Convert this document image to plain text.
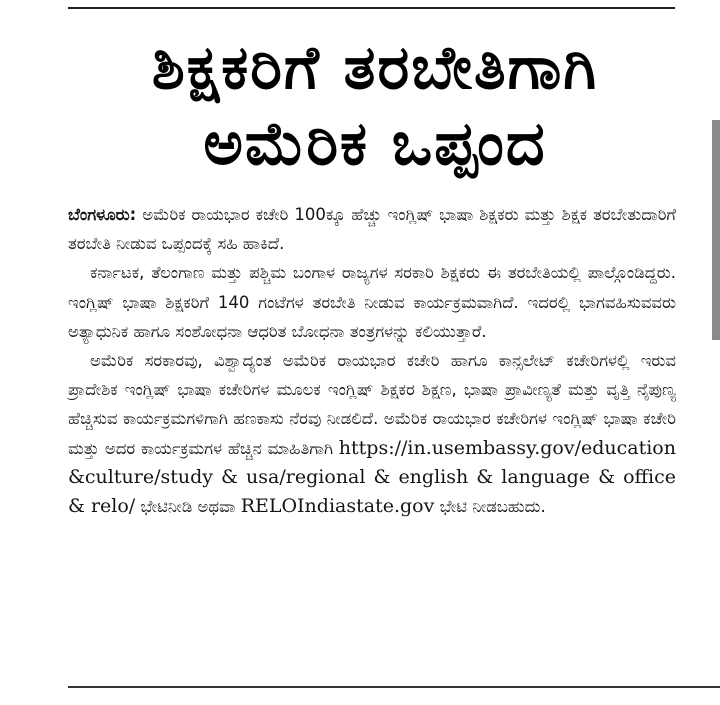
ಶಿಕ್ಷಕರಿಗೆ ತರಬೇತಿಗಾಗಿ
ಅಮೆರಿಕ ಒಪ್ಪಂದ

ಬೆಂಗಳೂರು: ಅಮೆರಿಕ ರಾಯಭಾರ ಕಚೇರಿ 100ಕ್ಕೂ ಹೆಚ್ಚು ಇಂಗ್ಲಿಷ್ ಭಾಷಾ ಶಿಕ್ಷಕರು ಮತ್ತು ಶಿಕ್ಷಕ ತರಬೇತುದಾರಿಗೆ ತರಬೇತಿ ನೀಡುವ ಒಪ್ಪಂದಕ್ಕೆ ಸಹಿ ಹಾಕಿದೆ.

ಕರ್ನಾಟಕ, ತೆಲಂಗಾಣ ಮತ್ತು ಪಶ್ಚಿಮ ಬಂಗಾಳ ರಾಜ್ಯಗಳ ಸರಕಾರಿ ಶಿಕ್ಷಕರು ಈ ತರಬೇತಿಯಲ್ಲಿ ಪಾಲ್ಗೊಂಡಿದ್ದರು. ಇಂಗ್ಲಿಷ್ ಭಾಷಾ ಶಿಕ್ಷಕರಿಗೆ 140 ಗಂಟೆಗಳ ತರಬೇತಿ ನೀಡುವ ಕಾರ್ಯಕ್ರಮವಾಗಿದೆ. ಇದರಲ್ಲಿ ಭಾಗವಹಿಸುವವರು ಅತ್ಯಾಧುನಿಕ ಹಾಗೂ ಸಂಶೋಧನಾ ಆಧರಿತ ಬೋಧನಾ ತಂತ್ರಗಳನ್ನು ಕಲಿಯುತ್ತಾರೆ.

ಅಮೆರಿಕ ಸರಕಾರವು, ವಿಶ್ವಾದ್ಯಂತ ಅಮೆರಿಕ ರಾಯಭಾರ ಕಚೇರಿ ಹಾಗೂ ಕಾನ್ಸಲೇಟ್ ಕಚೇರಿಗಳಲ್ಲಿ ಇರುವ ಪ್ರಾದೇಶಿಕ ಇಂಗ್ಲಿಷ್ ಭಾಷಾ ಕಚೇರಿಗಳ ಮೂಲಕ ಇಂಗ್ಲಿಷ್ ಶಿಕ್ಷಕರ ಶಿಕ್ಷಣ, ಭಾಷಾ ಪ್ರಾವೀಣ್ಯತೆ ಮತ್ತು ವೃತ್ತಿ ನೈಪುಣ್ಯ ಹೆಚ್ಚಿಸುವ ಕಾರ್ಯಕ್ರಮಗಳಿಗಾಗಿ ಹಣಕಾಸು ನೆರವು ನೀಡಲಿದೆ. ಅಮೆರಿಕ ರಾಯಭಾರ ಕಚೇರಿಗಳ ಇಂಗ್ಲಿಷ್ ಭಾಷಾ ಕಚೇರಿ ಮತ್ತು ಅದರ ಕಾರ್ಯಕ್ರಮಗಳ ಹೆಚ್ಚಿನ ಮಾಹಿತಿಗಾಗಿ https://in.usembassy.gov/education &culture/study & usa/regional & english & language & office & relo/ ಭೇಟಿನೀಡಿ ಅಥವಾ RELOIndiastate.gov ಭೇಟಿ ನೀಡಬಹುದು.
